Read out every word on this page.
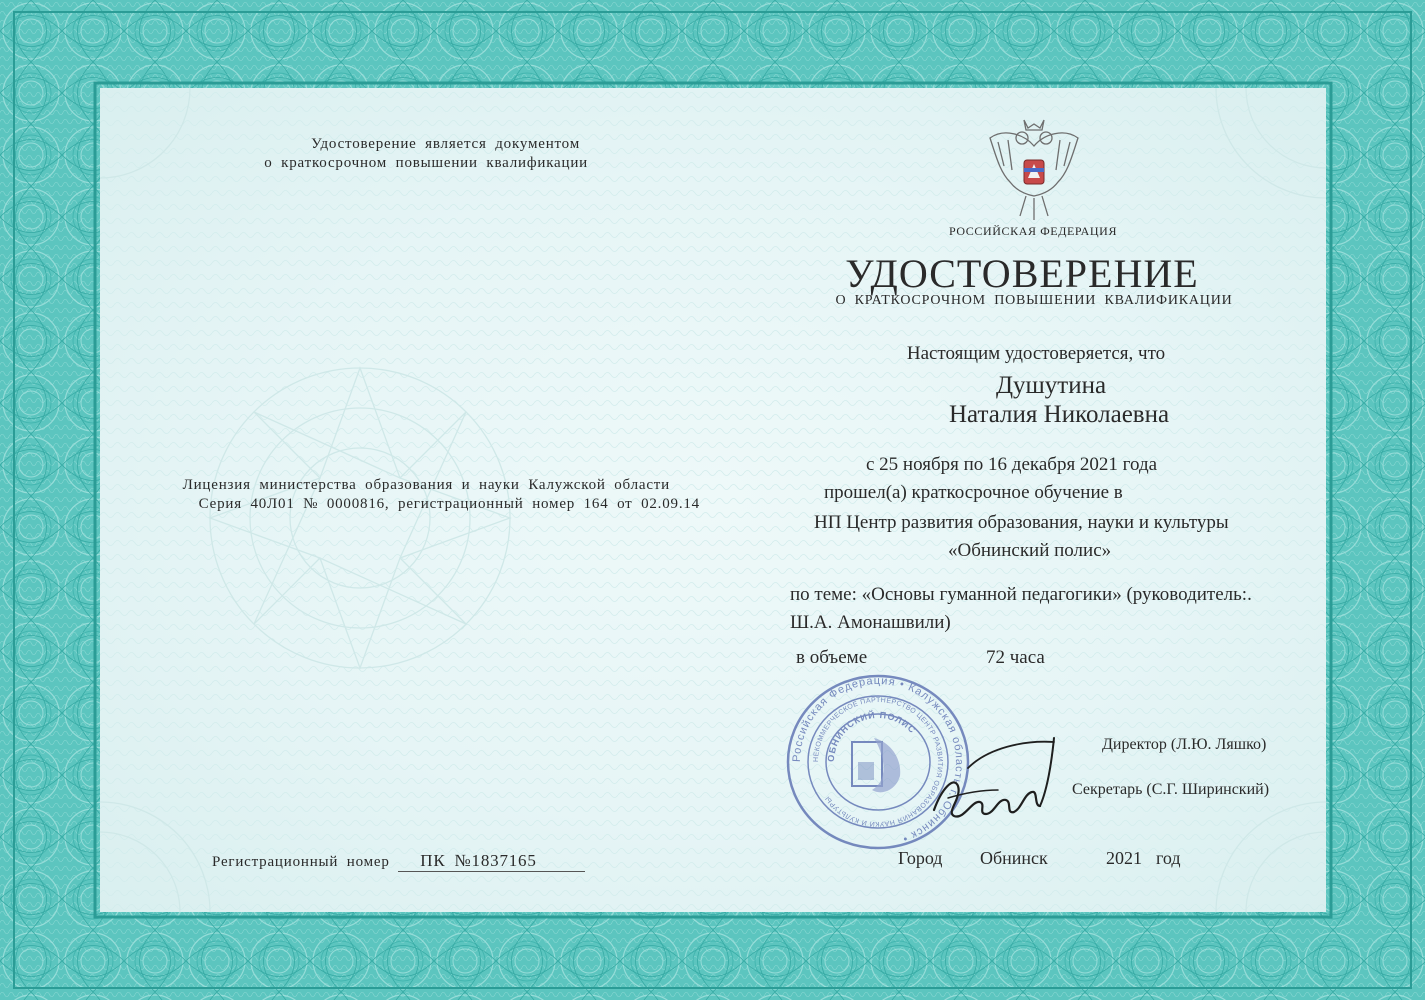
Удостоверение является документом
о краткосрочном повышении квалификации
Лицензия министерства образования и науки Калужской области
Серия 40Л01 № 0000816, регистрационный номер 164 от 02.09.14
Регистрационный номер ПК №1837165
РОССИЙСКАЯ ФЕДЕРАЦИЯ
УДОСТОВЕРЕНИЕ
О КРАТКОСРОЧНОМ ПОВЫШЕНИИ КВАЛИФИКАЦИИ
Настоящим удостоверяется, что
Душутина
Наталия Николаевна
с 25 ноября по 16 декабря 2021 года
прошел(а) краткосрочное обучение в
НП Центр развития образования, науки и культуры
«Обнинский полис»
по теме: «Основы гуманной педагогики» (руководитель:.
Ш.А. Амонашвили)
в объеме	72 часа
Российская Федерация • Калужская область г. Обнинск •
НЕКОММЕРЧЕСКОЕ ПАРТНЕРСТВО ЦЕНТР РАЗВИТИЯ ОБРАЗОВАНИЯ НАУКИ И КУЛЬТУРЫ
ОБНИНСКИЙ ПОЛИС
Директор (Л.Ю. Ляшко)
Секретарь (С.Г. Ширинский)
Город Обнинск	2021 год
